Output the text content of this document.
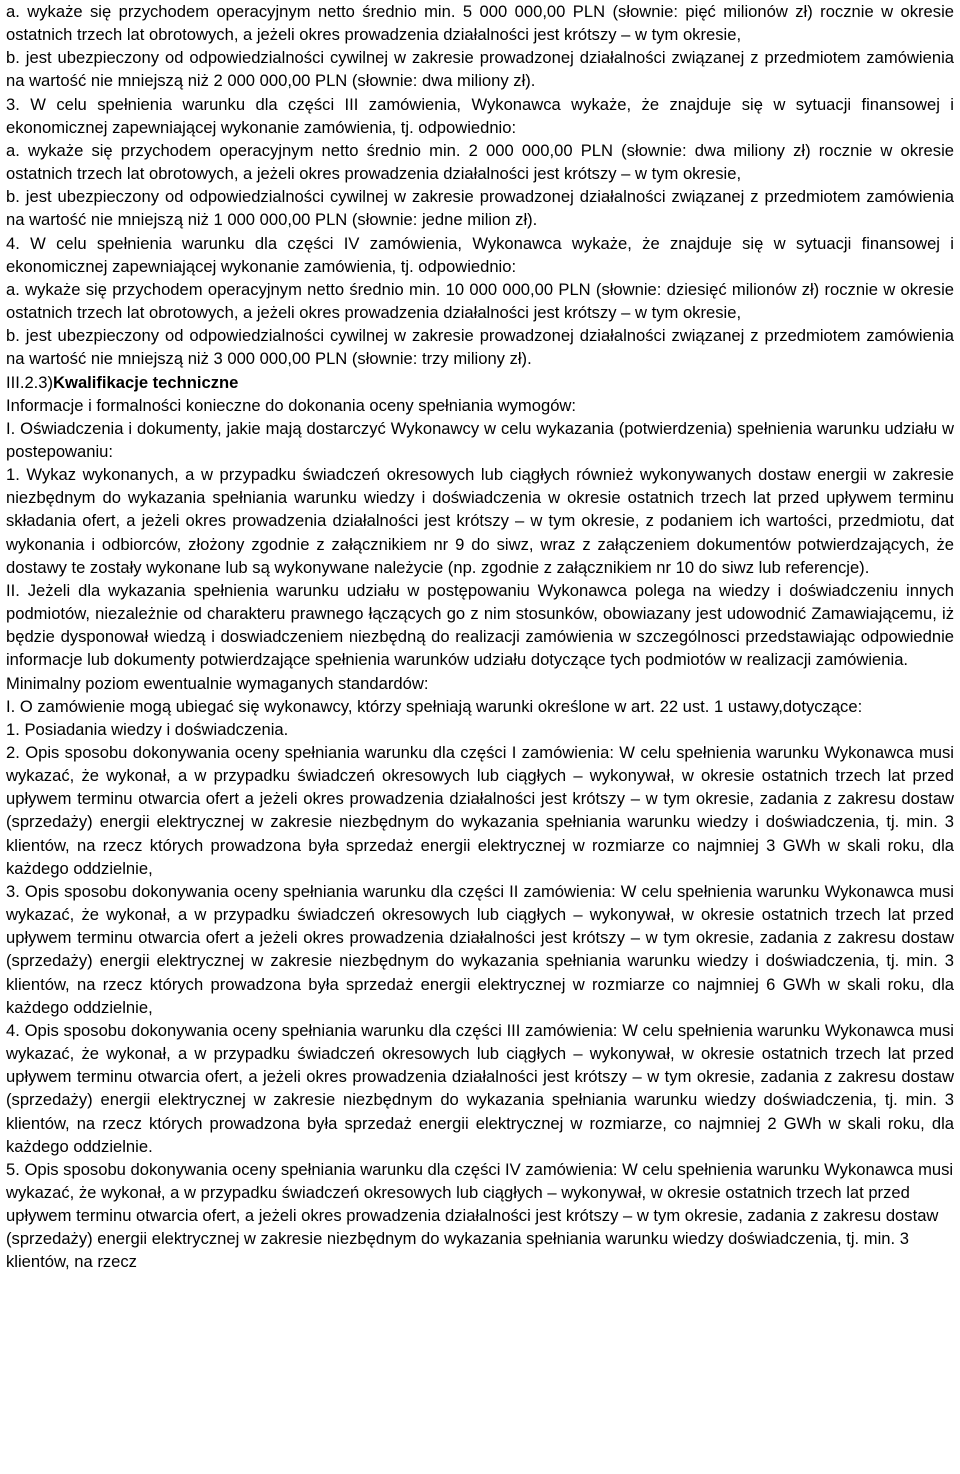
a. wykaże się przychodem operacyjnym netto średnio min. 5 000 000,00 PLN (słownie: pięć milionów zł) rocznie w okresie ostatnich trzech lat obrotowych, a jeżeli okres prowadzenia działalności jest krótszy – w tym okresie,

b. jest ubezpieczony od odpowiedzialności cywilnej w zakresie prowadzonej działalności związanej z przedmiotem zamówienia na wartość nie mniejszą niż 2 000 000,00 PLN (słownie: dwa miliony zł).

3. W celu spełnienia warunku dla części III zamówienia, Wykonawca wykaże, że znajduje się w sytuacji finansowej i ekonomicznej zapewniającej wykonanie zamówienia, tj. odpowiednio:

a. wykaże się przychodem operacyjnym netto średnio min. 2 000 000,00 PLN (słownie: dwa miliony zł) rocznie w okresie ostatnich trzech lat obrotowych, a jeżeli okres prowadzenia działalności jest krótszy – w tym okresie,

b. jest ubezpieczony od odpowiedzialności cywilnej w zakresie prowadzonej działalności związanej z przedmiotem zamówienia na wartość nie mniejszą niż 1 000 000,00 PLN (słownie: jedne milion zł).

4. W celu spełnienia warunku dla części IV zamówienia, Wykonawca wykaże, że znajduje się w sytuacji finansowej i ekonomicznej zapewniającej wykonanie zamówienia, tj. odpowiednio:

a. wykaże się przychodem operacyjnym netto średnio min. 10 000 000,00 PLN (słownie: dziesięć milionów zł) rocznie w okresie ostatnich trzech lat obrotowych, a jeżeli okres prowadzenia działalności jest krótszy – w tym okresie,

b. jest ubezpieczony od odpowiedzialności cywilnej w zakresie prowadzonej działalności związanej z przedmiotem zamówienia na wartość nie mniejszą niż 3 000 000,00 PLN (słownie: trzy miliony zł).

III.2.3)Kwalifikacje techniczne

Informacje i formalności konieczne do dokonania oceny spełniania wymogów:

I. Oświadczenia i dokumenty, jakie mają dostarczyć Wykonawcy w celu wykazania (potwierdzenia) spełnienia warunku udziału w postepowaniu:

1. Wykaz wykonanych, a w przypadku świadczeń okresowych lub ciągłych również wykonywanych dostaw energii w zakresie niezbędnym do wykazania spełniania warunku wiedzy i doświadczenia w okresie ostatnich trzech lat przed upływem terminu składania ofert, a jeżeli okres prowadzenia działalności jest krótszy – w tym okresie, z podaniem ich wartości, przedmiotu, dat wykonania i odbiorców, złożony zgodnie z załącznikiem nr 9 do siwz, wraz z załączeniem dokumentów potwierdzających, że dostawy te zostały wykonane lub są wykonywane należycie (np. zgodnie z załącznikiem nr 10 do siwz lub referencje).

II. Jeżeli dla wykazania spełnienia warunku udziału w postępowaniu Wykonawca polega na wiedzy i doświadczeniu innych podmiotów, niezależnie od charakteru prawnego łączących go z nim stosunków, obowiazany jest udowodnić Zamawiającemu, iż będzie dysponował wiedzą i doswiadczeniem niezbędną do realizacji zamówienia w szczególnosci przedstawiając odpowiednie informacje lub dokumenty potwierdzające spełnienia warunków udziału dotyczące tych podmiotów w realizacji zamówienia.

Minimalny poziom ewentualnie wymaganych standardów:

I. O zamówienie mogą ubiegać się wykonawcy, którzy spełniają warunki określone w art. 22 ust. 1 ustawy,dotyczące:

1. Posiadania wiedzy i doświadczenia.

2. Opis sposobu dokonywania oceny spełniania warunku dla części I zamówienia: W celu spełnienia warunku Wykonawca musi wykazać, że wykonał, a w przypadku świadczeń okresowych lub ciągłych – wykonywał, w okresie ostatnich trzech lat przed upływem terminu otwarcia ofert a jeżeli okres prowadzenia działalności jest krótszy – w tym okresie, zadania z zakresu dostaw (sprzedaży) energii elektrycznej w zakresie niezbędnym do wykazania spełniania warunku wiedzy i doświadczenia, tj. min. 3 klientów, na rzecz których prowadzona była sprzedaż energii elektrycznej w rozmiarze co najmniej 3 GWh w skali roku, dla każdego oddzielnie,

3. Opis sposobu dokonywania oceny spełniania warunku dla części II zamówienia: W celu spełnienia warunku Wykonawca musi wykazać, że wykonał, a w przypadku świadczeń okresowych lub ciągłych – wykonywał, w okresie ostatnich trzech lat przed upływem terminu otwarcia ofert a jeżeli okres prowadzenia działalności jest krótszy – w tym okresie, zadania z zakresu dostaw (sprzedaży) energii elektrycznej w zakresie niezbędnym do wykazania spełniania warunku wiedzy i doświadczenia, tj. min. 3 klientów, na rzecz których prowadzona była sprzedaż energii elektrycznej w rozmiarze co najmniej 6 GWh w skali roku, dla każdego oddzielnie,

4. Opis sposobu dokonywania oceny spełniania warunku dla części III zamówienia: W celu spełnienia warunku Wykonawca musi wykazać, że wykonał, a w przypadku świadczeń okresowych lub ciągłych – wykonywał, w okresie ostatnich trzech lat przed upływem terminu otwarcia ofert, a jeżeli okres prowadzenia działalności jest krótszy – w tym okresie, zadania z zakresu dostaw (sprzedaży) energii elektrycznej w zakresie niezbędnym do wykazania spełniania warunku wiedzy doświadczenia, tj. min. 3 klientów, na rzecz których prowadzona była sprzedaż energii elektrycznej w rozmiarze, co najmniej 2 GWh w skali roku, dla każdego oddzielnie.

5. Opis sposobu dokonywania oceny spełniania warunku dla części IV zamówienia: W celu spełnienia warunku Wykonawca musi wykazać, że wykonał, a w przypadku świadczeń okresowych lub ciągłych – wykonywał, w okresie ostatnich trzech lat przed upływem terminu otwarcia ofert, a jeżeli okres prowadzenia działalności jest krótszy – w tym okresie, zadania z zakresu dostaw (sprzedaży) energii elektrycznej w zakresie niezbędnym do wykazania spełniania warunku wiedzy doświadczenia, tj. min. 3 klientów, na rzecz
